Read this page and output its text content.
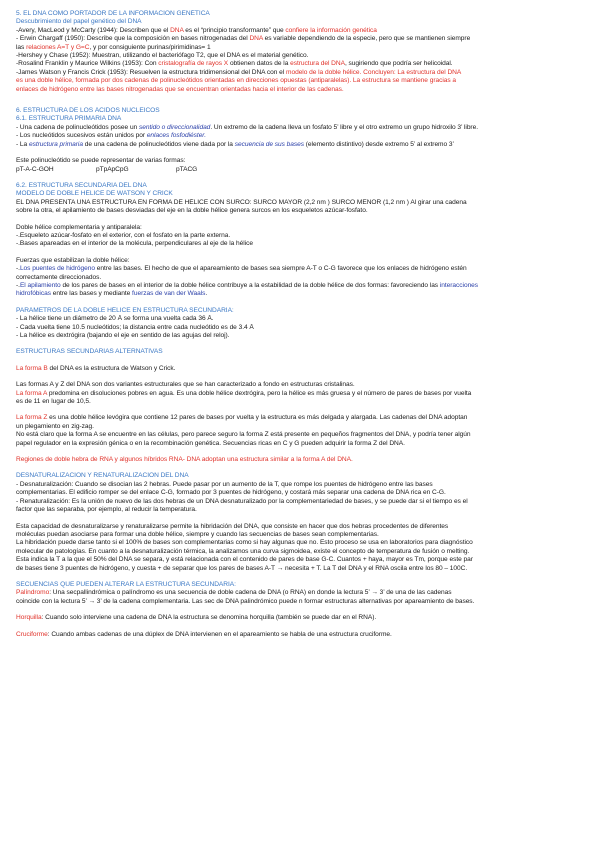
5. EL DNA COMO PORTADOR DE LA INFORMACIÓN GENÉTICA
Descubrimiento del papel genético del DNA
-Avery, MacLeod y McCarty (1944): Describen que el DNA es el “principio transformante” que confiere la información genética
- Erwin Chargaff (1950): Describe que la composición en bases nitrogenadas del DNA es variable dependiendo de la especie, pero que se mantienen siempre
las relaciones A=T y G=C, y por consiguiente purinas/pirimidinas= 1
-Hershey y Chase (1952): Muestran, utilizando el bacteriófago T2, que el DNA es el material genético.
-Rosalind Franklin y Maurice Wilkins (1953): Con cristalografía de rayos X obtienen datos de la estructura del DNA, sugiriendo que podría ser helicoidal.
-James Watson y Francis Crick (1953): Resuelven la estructura tridimensional del DNA con el modelo de la doble hélice. Concluyen: La estructura del DNA
es una doble hélice, formada por dos cadenas de polinucleótidos orientadas en direcciones opuestas (antiparalelas). La estructura se mantiene gracias a
enlaces de hidrógeno entre las bases nitrogenadas que se encuentran orientadas hacia el interior de las cadenas.
6. ESTRUCTURA DE LOS ÁCIDOS NUCLEICOS
6.1. ESTRUCTURA PRIMARIA DNA
- Una cadena de polinucleótidos posee un sentido o direccionalidad. Un extremo de la cadena lleva un fosfato 5’ libre y el otro extremo un grupo hidroxilo 3’ libre.
- Los nucleótidos sucesivos están unidos por enlaces fosfodiéster.
- La estructura primaria de una cadena de polinucleótidos viene dada por la secuencia de sus bases (elemento distintivo) desde extremo 5’ al extremo 3’
Este polinucleótido se puede representar de varias formas:
pT-A-C-GOH	pTpApCpG	pTACG
6.2. ESTRUCTURA SECUNDARIA DEL DNA
MODELO DE DOBLE HÉLICE DE WATSON Y CRICK
EL DNA PRESENTA UNA ESTRUCTURA EN FORMA DE HÉLICE CON SURCO: SURCO MAYOR (2,2 nm ) SURCO MENOR (1,2 nm ) Al girar una cadena
sobre la otra, el apilamiento de bases desviadas del eje en la doble hélice genera surcos en los esqueletos azúcar-fosfato.
Doble hélice complementaria y antiparalela:
-.Esqueleto azúcar-fosfato en el exterior, con el fosfato en la parte externa.
-.Bases apareadas en el interior de la molécula, perpendiculares al eje de la hélice
Fuerzas que estabilizan la doble hélice:
-.Los puentes de hidrógeno entre las bases. El hecho de que el apareamiento de bases sea siempre A-T o C-G favorece que los enlaces de hidrógeno estén
correctamente direccionados.
-.El apilamiento de los pares de bases en el interior de la doble hélice contribuye a la estabilidad de la doble hélice de dos formas: favoreciendo las interacciones
hidrofóbicas entre las bases y mediante fuerzas de van der Waals.
PARÁMETROS DE LA DOBLE HÉLICE EN ESTRUCTURA SECUNDARIA:
- La hélice tiene un diámetro de 20 Å se forma una vuelta cada 36 Å.
- Cada vuelta tiene 10.5 nucleótidos; la distancia entre cada nucleótido es de 3.4 Å
- La hélice es dextrógira (bajando el eje en sentido de las agujas del reloj).
ESTRUCTURAS SECUNDARIAS ALTERNATIVAS
La forma B del DNA es la estructura de Watson y Crick.
Las formas A y Z del DNA son dos variantes estructurales que se han caracterizado a fondo en estructuras cristalinas.
La forma A predomina en disoluciones pobres en agua. Es una doble hélice dextrógira, pero la hélice es más gruesa y el número de pares de bases por vuelta
es de 11 en lugar de 10,5.
La forma Z es una doble hélice levógira que contiene 12 pares de bases por vuelta y la estructura es más delgada y alargada. Las cadenas del DNA adoptan
un plegamiento en zig-zag.
No está claro que la forma A se encuentre en las células, pero parece seguro la forma Z está presente en pequeños fragmentos del DNA, y podría tener algún
papel regulador en la expresión génica o en la recombinación genética. Secuencias ricas en C y G pueden adquirir la forma Z del DNA.
Regiones de doble hebra de RNA y algunos híbridos RNA- DNA adoptan una estructura similar a la forma A del DNA.
DESNATURALIZACIÓN Y RENATURALIZACIÓN DEL DNA
- Desnaturalización: Cuando se disocian las 2 hebras. Puede pasar por un aumento de la T, que rompe los puentes de hidrógeno entre las bases
complementarias. El edificio romper se del enlace C-G, formado por 3 puentes de hidrógeno, y costará más separar una cadena de DNA rica en C-G.
- Renaturalización: Es la unión de nuevo de las dos hebras de un DNA desnaturalizado por la complementariedad de bases, y se puede dar si el tiempo es el
factor que las separaba, por ejemplo, al reducir la temperatura.
Esta capacidad de desnaturalizarse y renaturalizarse permite la hibridación del DNA, que consiste en hacer que dos hebras procedentes de diferentes
moléculas puedan asociarse para formar una doble hélice, siempre y cuando las secuencias de bases sean complementarias.
La hibridación puede darse tanto si el 100% de bases son complementarias como si hay algunas que no. Esto proceso se usa en laboratorios para diagnóstico
molecular de patologías. En cuanto a la desnaturalización térmica, la analizamos una curva sigmoidea, existe el concepto de temperatura de fusión o melting.
Esta indica la T a la que el 50% del DNA se separa, y está relacionada con el contenido de pares de base G-C. Cuantos + haya, mayor es Tm, porque este par
de bases tiene 3 puentes de hidrógeno, y cuesta + de separar que los pares de bases A-T → necesita + T. La T del DNA y el RNA oscila entre los 80 – 100C.
SECUENCIAS QUE PUEDEN ALTERAR LA ESTRUCTURA SECUNDARIA:
Palíndromo: Una secpallindrómica o palíndromo es una secuencia de doble cadena de DNA (o RNA) en donde la lectura 5’ → 3’ de una de las cadenas
coincide con la lectura 5’ → 3’ de la cadena complementaria. Las sec de DNA palindrómico puede n formar estructuras alternativas por apareamiento de bases.
Horquilla: Cuando solo interviene una cadena de DNA la estructura se denomina horquilla (también se puede dar en el RNA).
Cruciforme: Cuando ambas cadenas de una dúplex de DNA intervienen en el apareamiento se habla de una estructura cruciforme.
